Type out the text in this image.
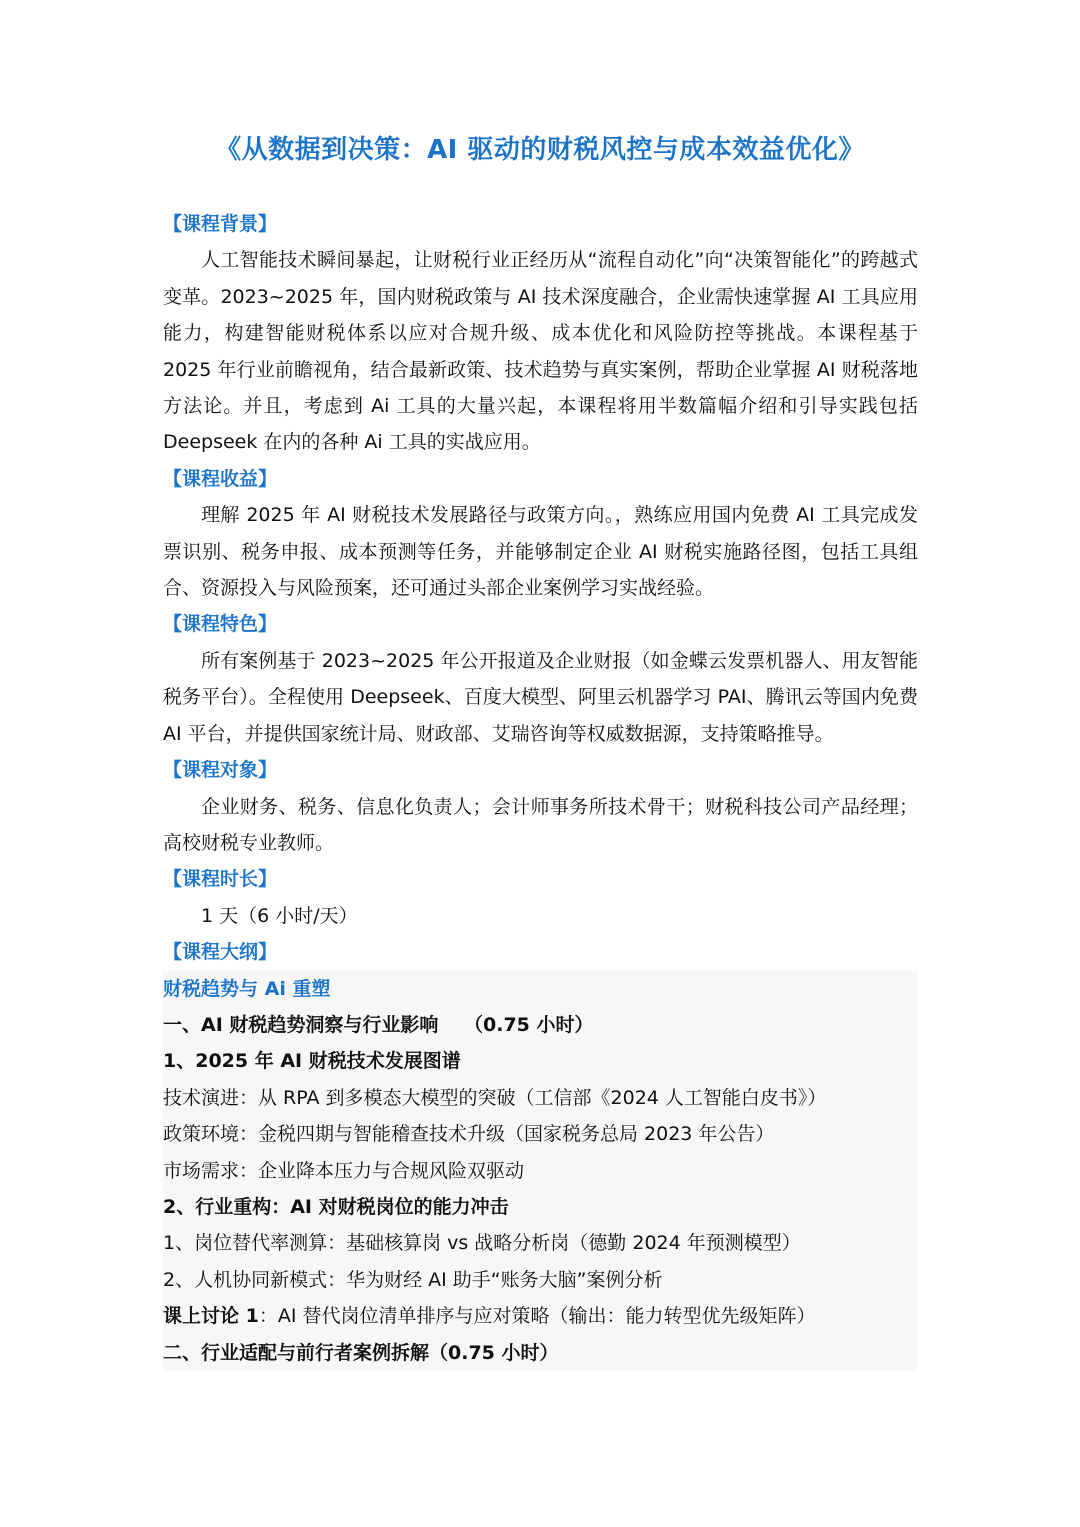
《从数据到决策：AI 驱动的财税风控与成本效益优化》

【课程背景】

人工智能技术瞬间暴起，让财税行业正经历从“流程自动化”向“决策智能化”的跨越式变革。2023~2025 年，国内财税政策与 AI 技术深度融合，企业需快速掌握 AI 工具应用能力，构建智能财税体系以应对合规升级、成本优化和风险防控等挑战。本课程基于 2025 年行业前瞻视角，结合最新政策、技术趋势与真实案例，帮助企业掌握 AI 财税落地方法论。并且，考虑到 Ai 工具的大量兴起，本课程将用半数篇幅介绍和引导实践包括 Deepseek 在内的各种 Ai 工具的实战应用。

【课程收益】

理解 2025 年 AI 财税技术发展路径与政策方向。，熟练应用国内免费 AI 工具完成发票识别、税务申报、成本预测等任务，并能够制定企业 AI 财税实施路径图，包括工具组合、资源投入与风险预案，还可通过头部企业案例学习实战经验。

【课程特色】

所有案例基于 2023~2025 年公开报道及企业财报（如金蝶云发票机器人、用友智能税务平台）。全程使用 Deepseek、百度大模型、阿里云机器学习 PAI、腾讯云等国内免费 AI 平台，并提供国家统计局、财政部、艾瑞咨询等权威数据源，支持策略推导。

【课程对象】

企业财务、税务、信息化负责人；会计师事务所技术骨干；财税科技公司产品经理；高校财税专业教师。

【课程时长】

1 天（6 小时/天）

【课程大纲】

财税趋势与 Ai 重塑

一、AI 财税趋势洞察与行业影响　 （0.75 小时）

1、2025 年 AI 财税技术发展图谱

技术演进：从 RPA 到多模态大模型的突破（工信部《2024 人工智能白皮书》）

政策环境：金税四期与智能稽查技术升级（国家税务总局 2023 年公告）

市场需求：企业降本压力与合规风险双驱动

2、行业重构：AI 对财税岗位的能力冲击

1、岗位替代率测算：基础核算岗 vs 战略分析岗（德勤 2024 年预测模型）

2、人机协同新模式：华为财经 AI 助手“账务大脑”案例分析

课上讨论 1：AI 替代岗位清单排序与应对策略（输出：能力转型优先级矩阵）

二、行业适配与前行者案例拆解（0.75 小时）
